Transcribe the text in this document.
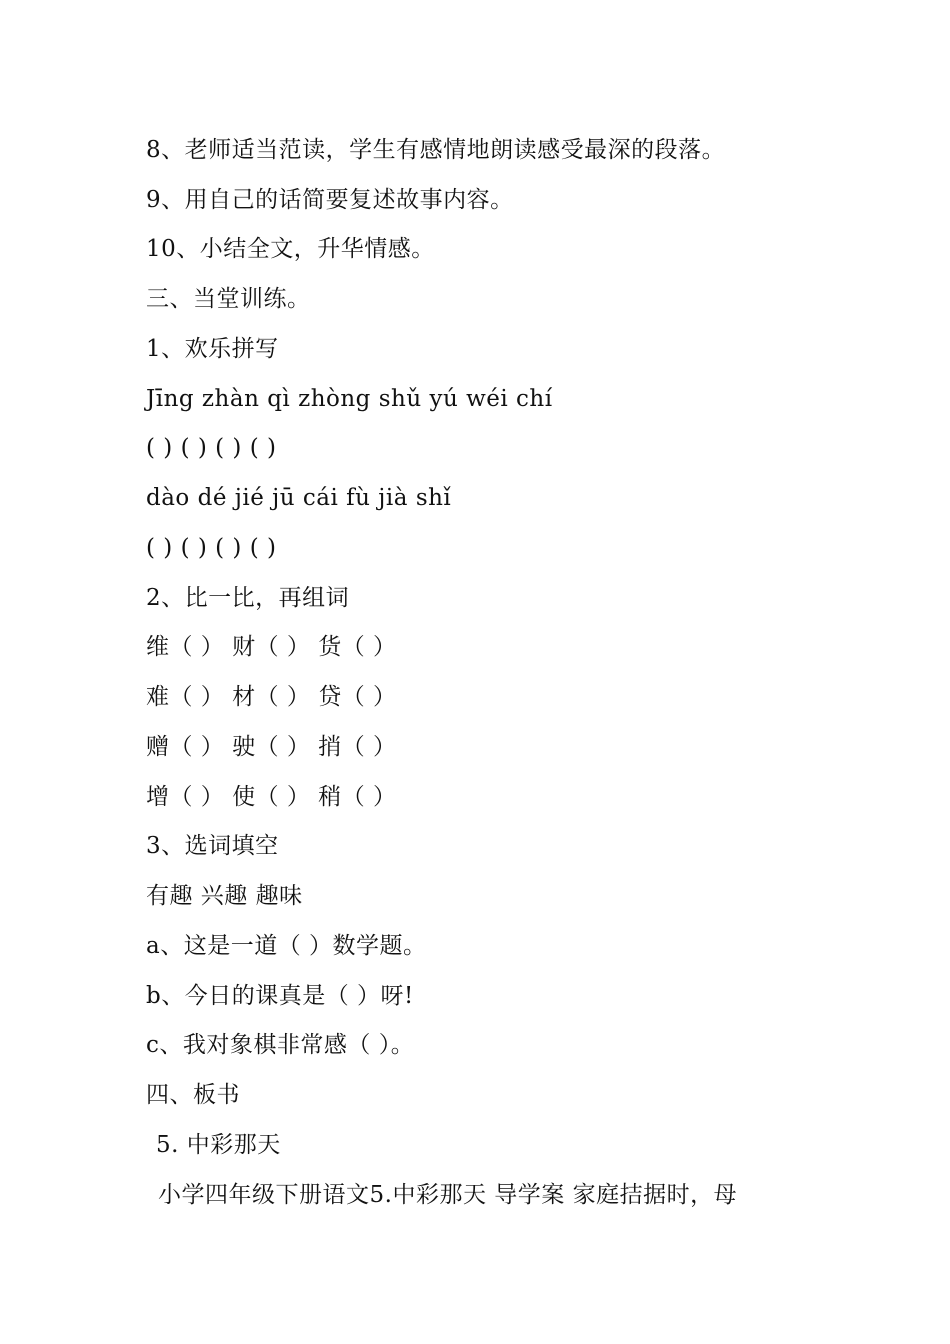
8、老师适当范读，学生有感情地朗读感受最深的段落。
9、用自己的话简要复述故事内容。
10、小结全文，升华情感。
三、当堂训练。
1、欢乐拼写
Jīng zhàn qì zhòng shǔ yú wéi chí
( ) ( ) ( ) ( )
dào dé jié jū cái fù jià shǐ
( ) ( ) ( ) ( )
2、比一比，再组词
维（ ） 财（ ） 货（ ）
难（ ） 材（ ） 贷（ ）
赠（ ） 驶（ ） 捎（ ）
增（ ） 使（ ） 稍（ ）
3、选词填空
有趣 兴趣 趣味
a、这是一道（ ）数学题。
b、今日的课真是（ ）呀!
c、我对象棋非常感（ ）。
四、板书
5. 中彩那天
小学四年级下册语文5.中彩那天 导学案 家庭拮据时，母
